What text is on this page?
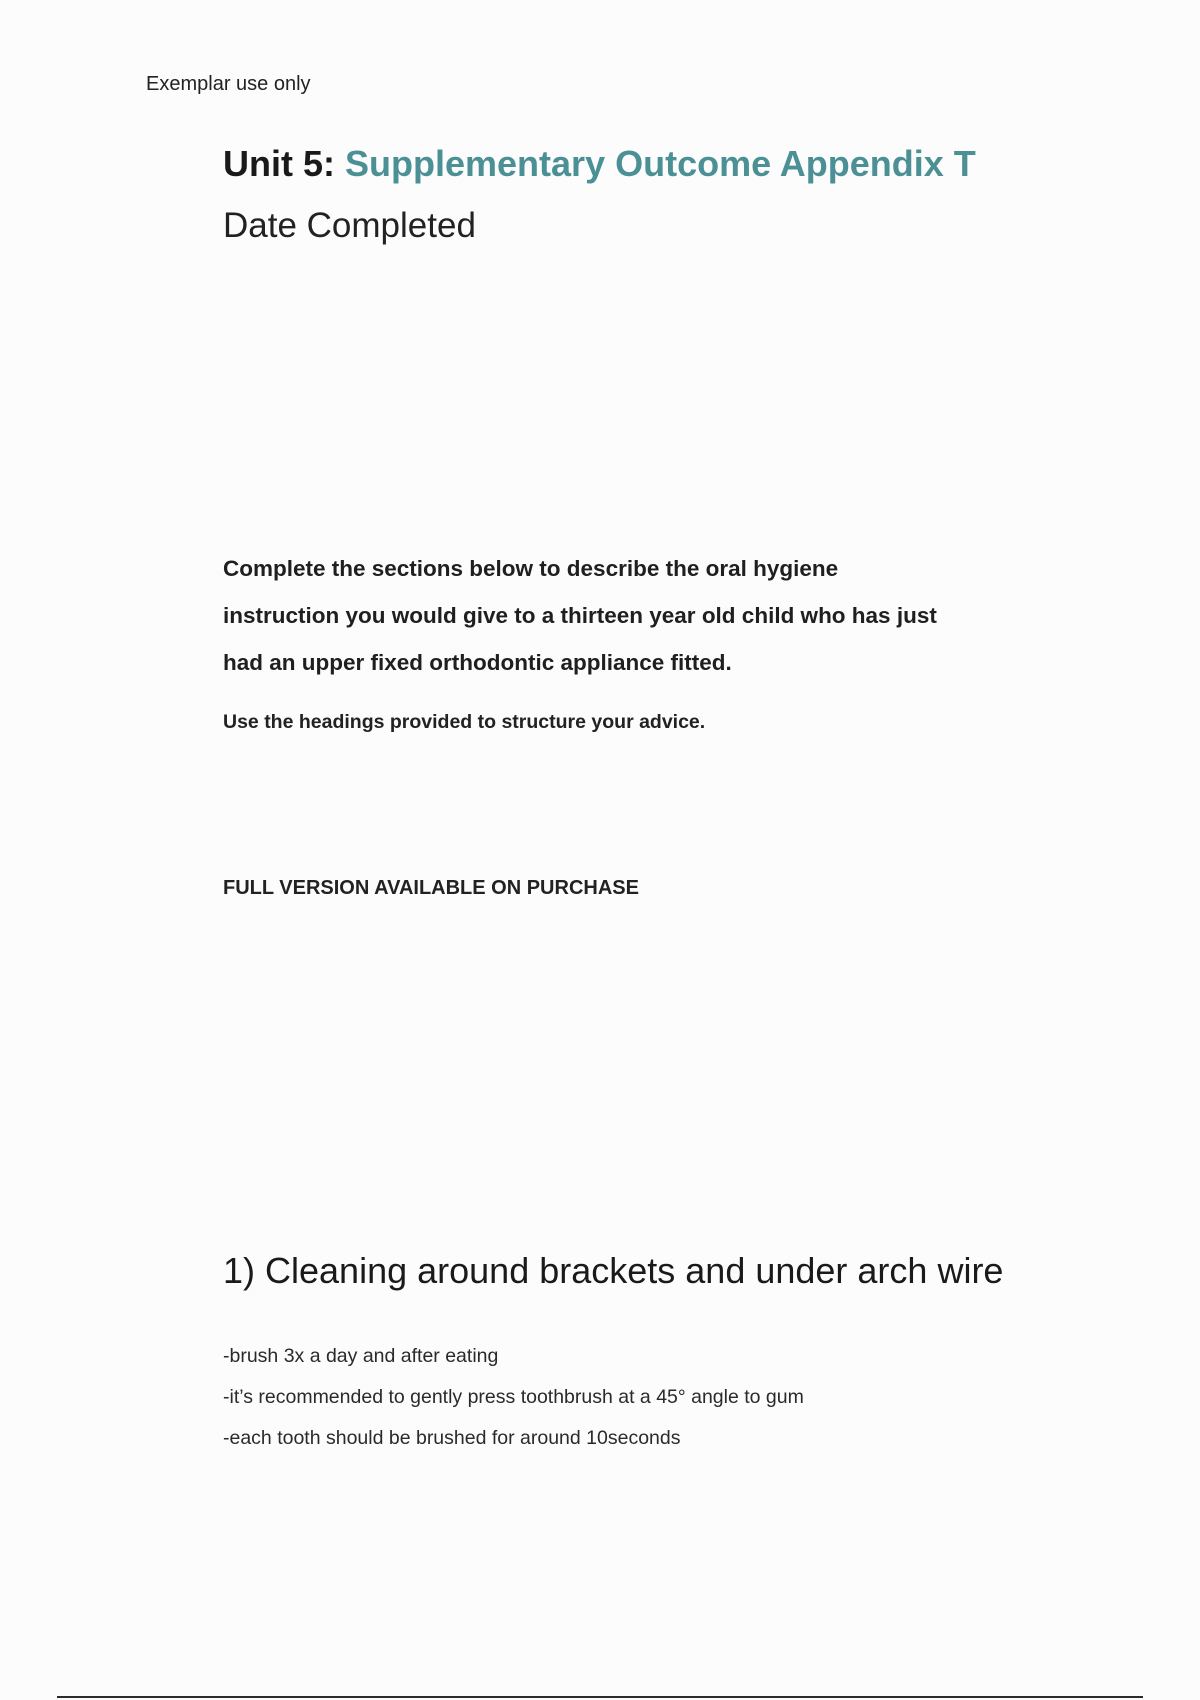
Exemplar use only
Unit 5: Supplementary Outcome Appendix T
Date Completed

Complete the sections below to describe the oral hygiene
instruction you would give to a thirteen year old child who has just
had an upper fixed orthodontic appliance fitted.

Use the headings provided to structure your advice.
FULL VERSION AVAILABLE ON PURCHASE
1) Cleaning around brackets and under arch wire
-brush 3x a day and after eating
-it’s recommended to gently press toothbrush at a 45° angle to gum
-each tooth should be brushed for around 10seconds
